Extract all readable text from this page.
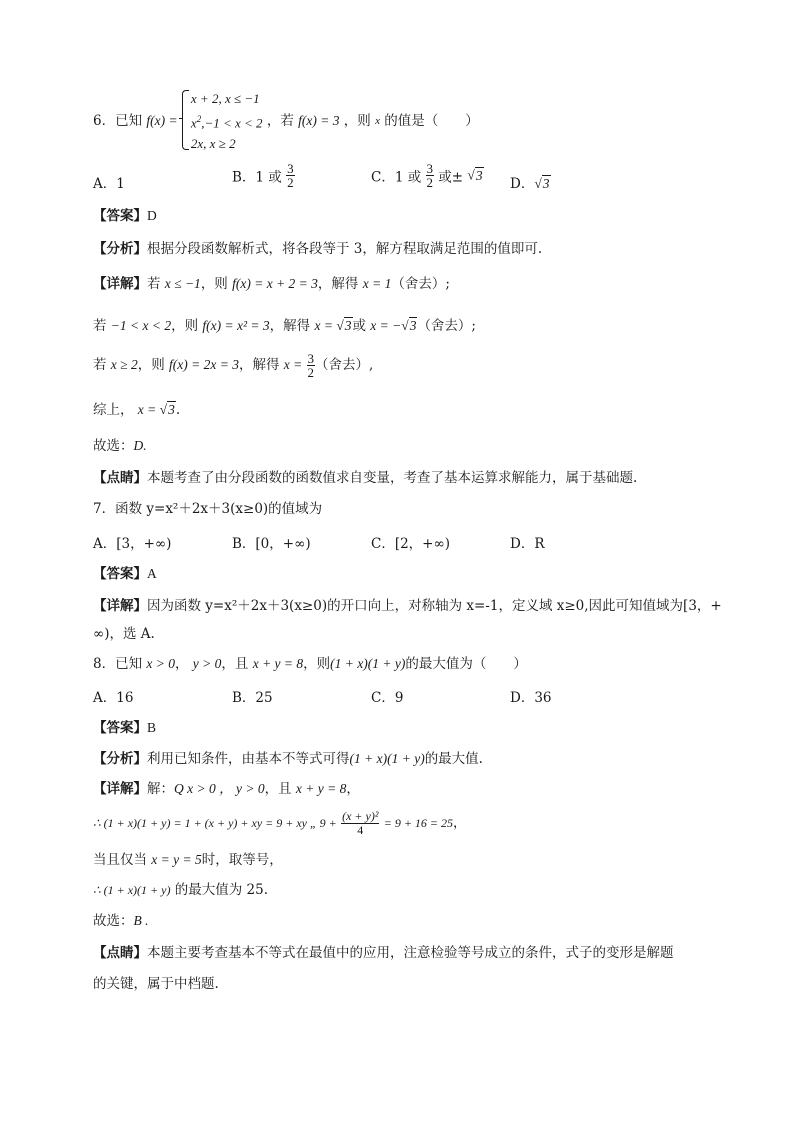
6．已知 f(x) =
x + 2, x ≤ −1
$x^2,-1 < x < 2$
2x, x ≥ 2
，若 f(x) = 3 ，则 x 的值是（　　）
A．1	B．1 或 $\frac{3}{2}$	C．1 或 $\frac{3}{2}$ 或± √3
D．√3
【答案】D
【分析】根据分段函数解析式，将各段等于 3，解方程取满足范围的值即可.
【详解】若 x ≤ −1，则 f(x) = x + 2 = 3，解得 x = 1（舍去）;
若 −1 < x < 2，则 f(x) = x² = 3，解得 x = √3或 x = −√3（舍去）;
若 x ≥ 2，则 f(x) = 2x = 3，解得 $x = \frac{3}{2}$ （舍去）,
综上， x = √3.
故选：D.
【点睛】本题考查了由分段函数的函数值求自变量，考查了基本运算求解能力，属于基础题.
7．函数 y=x²＋2x＋3(x≥0)的值域为
A．[3，+∞)	B．[0，+∞)	C．[2，+∞)	D．R
【答案】A
【详解】因为函数 y=x²＋2x＋3(x≥0)的开口向上，对称轴为 x=-1，定义域 x≥0,因此可知值域为[3，+
∞)，选 A.
8．已知 x > 0， y > 0，且 x + y = 8，则(1 + x)(1 + y)的最大值为（　　）
A．16	B．25	C．9	D．36
【答案】B
【分析】利用已知条件，由基本不等式可得(1 + x)(1 + y)的最大值.
【详解】解：Q x > 0 ， y > 0，且 x + y = 8，
∴ (1 + x)(1 + y) = 1 + (x + y) + xy = 9 + xy „ $9 + \frac{\text{(x + y)²}}{4} = 9 + 16 = 25$，
当且仅当 x = y = 5时，取等号，
∴ (1 + x)(1 + y) 的最大值为 25.
故选：B .
【点睛】本题主要考查基本不等式在最值中的应用，注意检验等号成立的条件，式子的变形是解题
的关键，属于中档题.
